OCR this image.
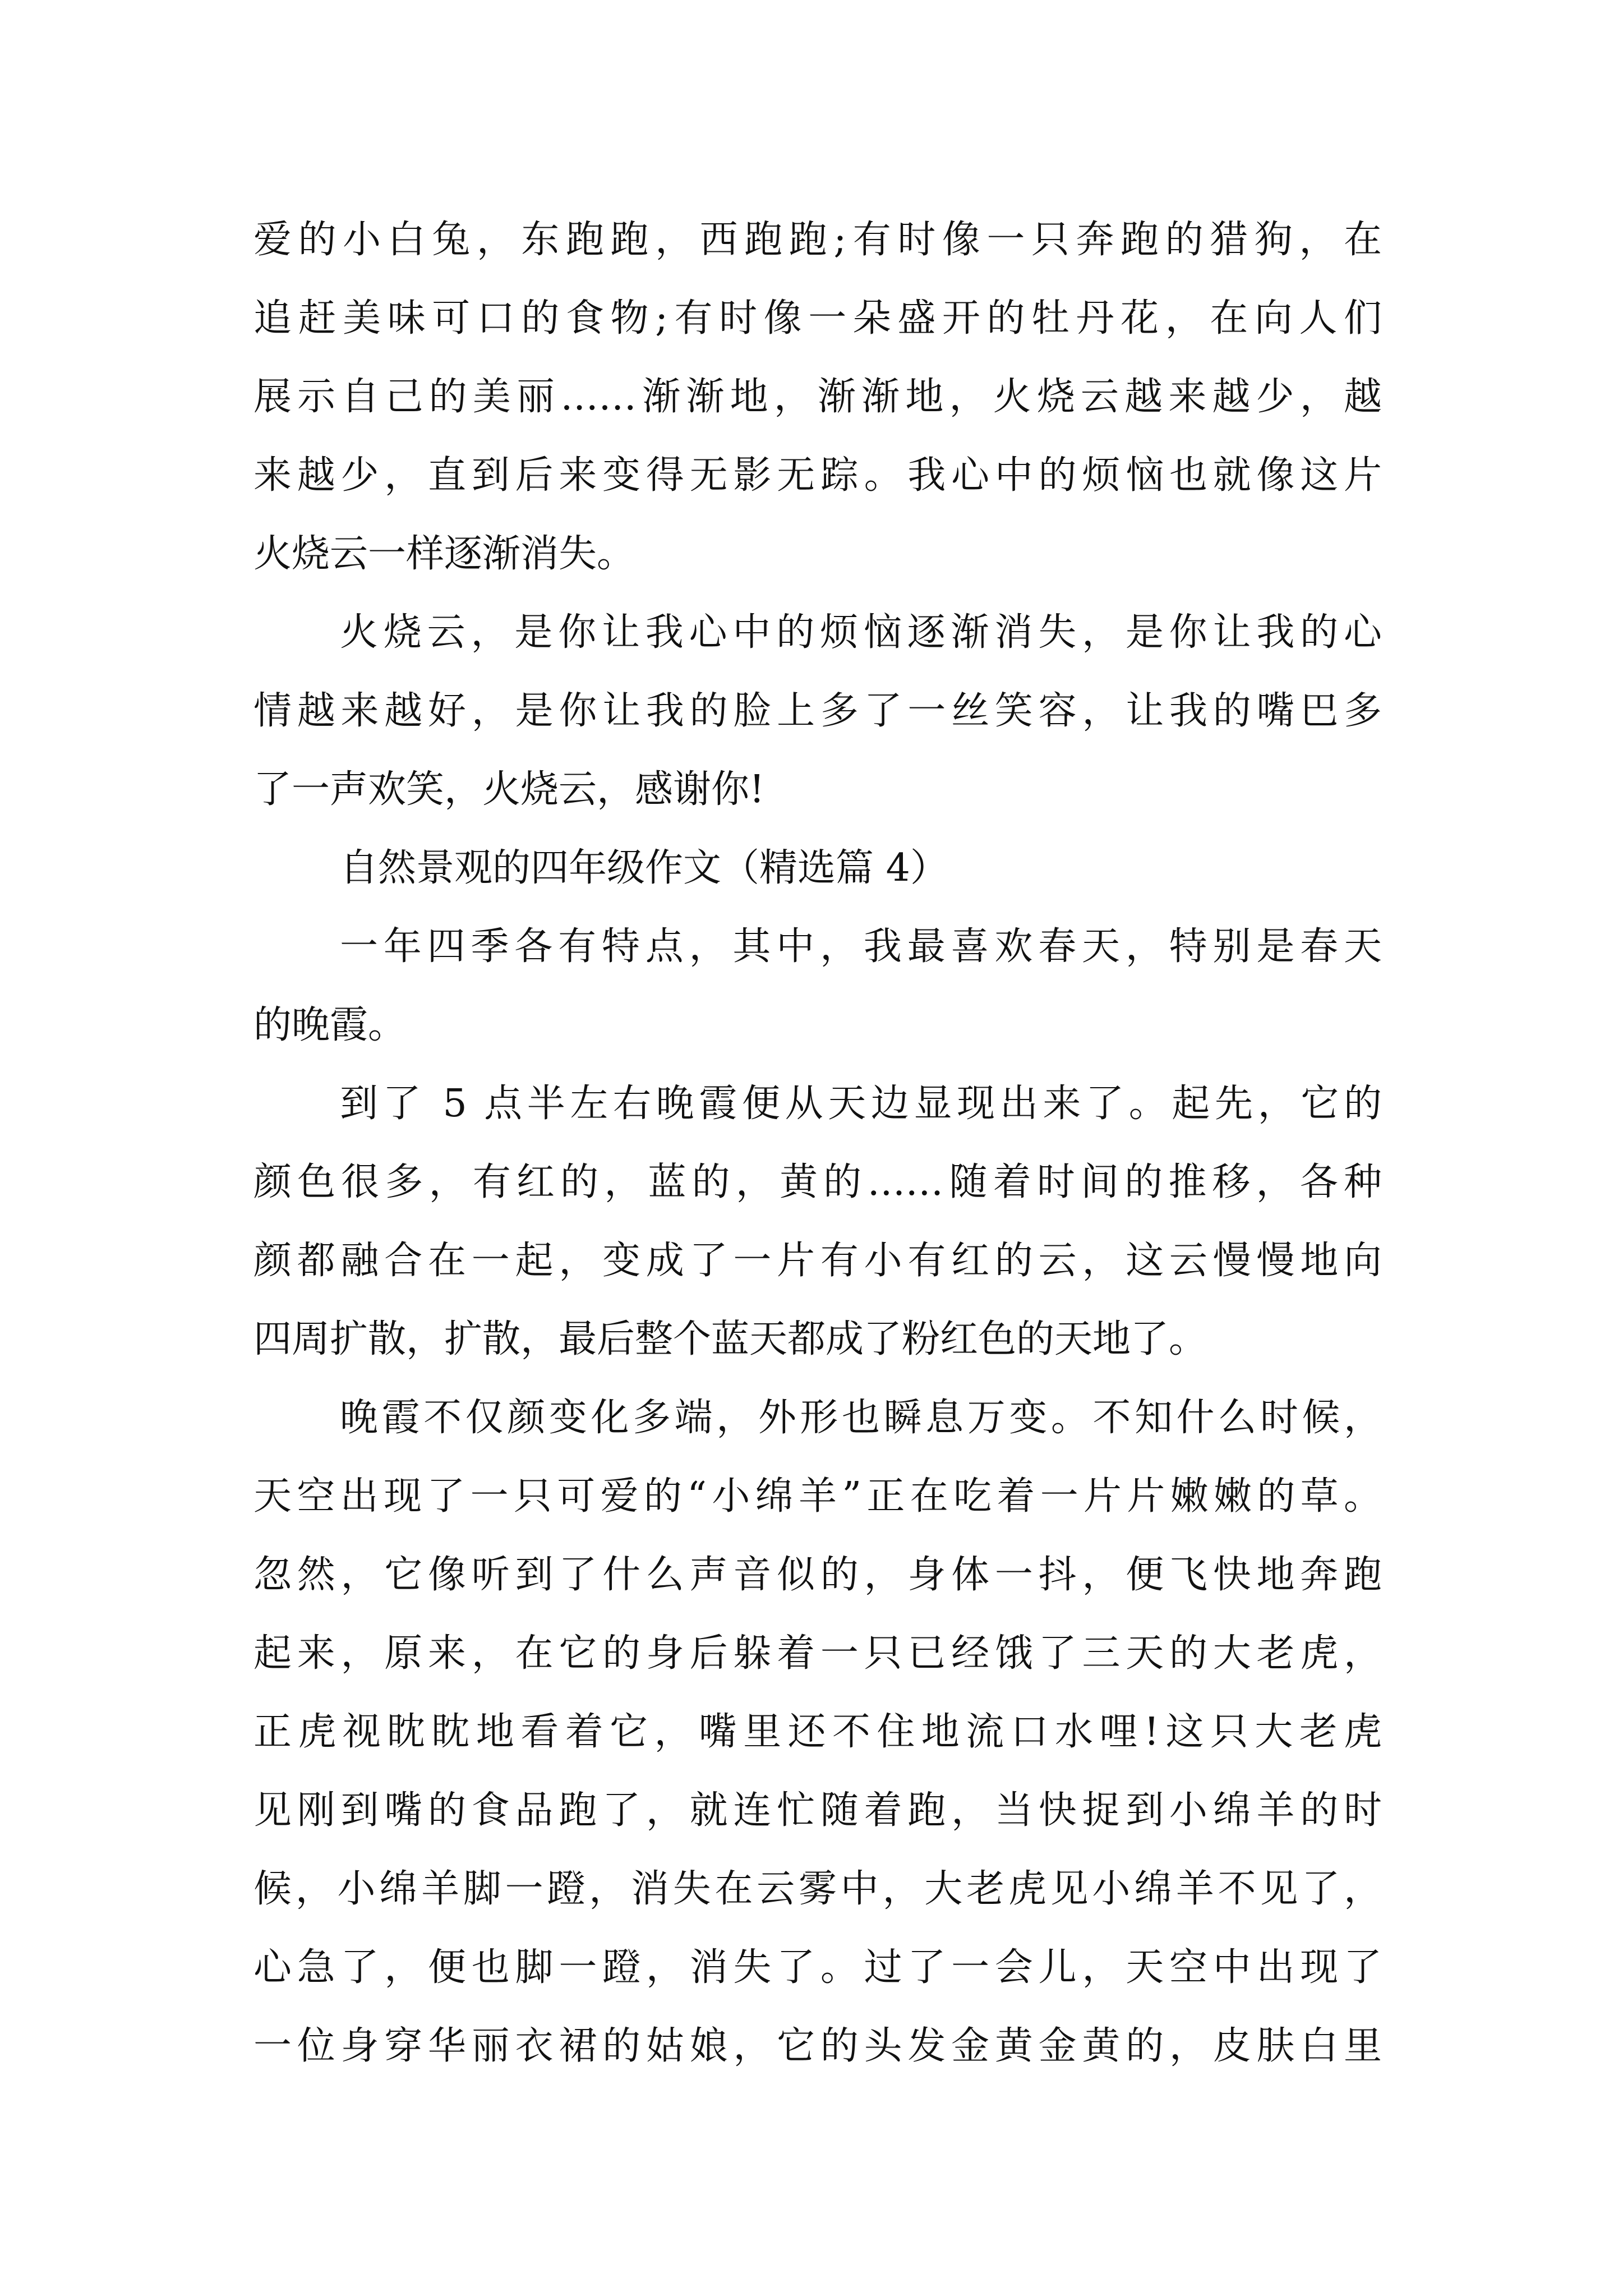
爱的小白兔，东跑跑，西跑跑;有时像一只奔跑的猎狗，在
追赶美味可口的食物;有时像一朵盛开的牡丹花，在向人们
展示自己的美丽……渐渐地，渐渐地，火烧云越来越少，越
来越少，直到后来变得无影无踪。我心中的烦恼也就像这片
火烧云一样逐渐消失。
火烧云，是你让我心中的烦恼逐渐消失，是你让我的心
情越来越好，是你让我的脸上多了一丝笑容，让我的嘴巴多
了一声欢笑，火烧云，感谢你!
自然景观的四年级作文（精选篇 4）
一年四季各有特点，其中，我最喜欢春天，特别是春天
的晚霞。
到了 5 点半左右晚霞便从天边显现出来了。起先，它的
颜色很多，有红的，蓝的，黄的……随着时间的推移，各种
颜都融合在一起，变成了一片有小有红的云，这云慢慢地向
四周扩散，扩散，最后整个蓝天都成了粉红色的天地了。
晚霞不仅颜变化多端，外形也瞬息万变。不知什么时候，
天空出现了一只可爱的“小绵羊”正在吃着一片片嫩嫩的草。
忽然，它像听到了什么声音似的，身体一抖，便飞快地奔跑
起来，原来，在它的身后躲着一只已经饿了三天的大老虎，
正虎视眈眈地看着它，嘴里还不住地流口水哩!这只大老虎
见刚到嘴的食品跑了，就连忙随着跑，当快捉到小绵羊的时
候，小绵羊脚一蹬，消失在云雾中，大老虎见小绵羊不见了，
心急了，便也脚一蹬，消失了。过了一会儿，天空中出现了
一位身穿华丽衣裙的姑娘，它的头发金黄金黄的，皮肤白里
